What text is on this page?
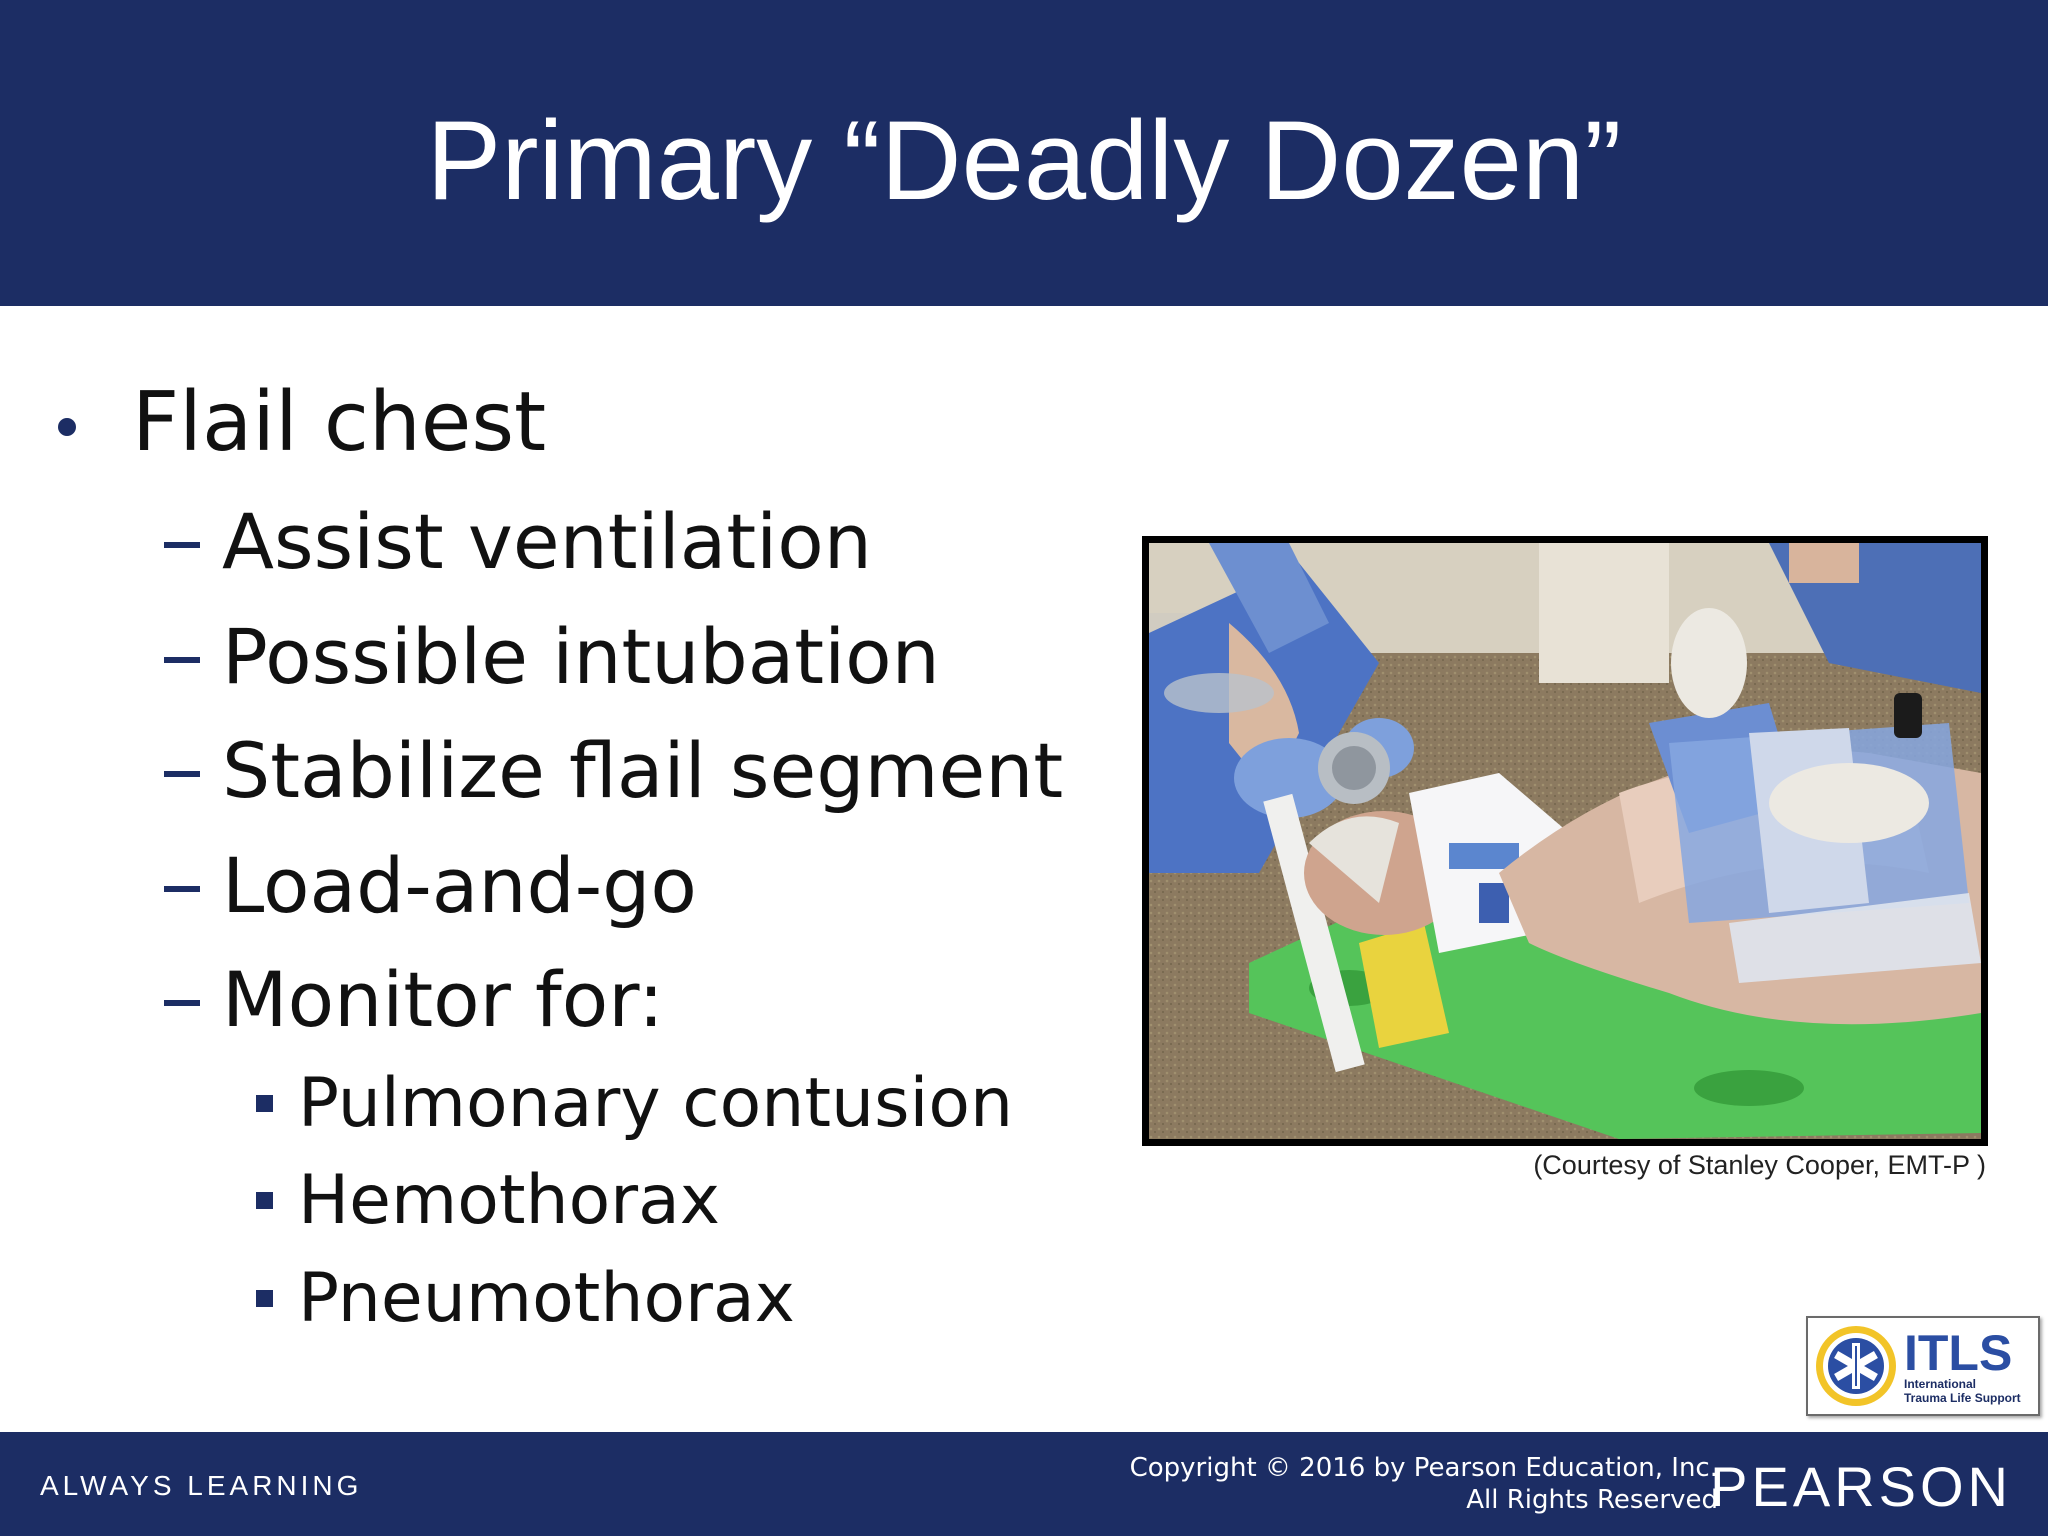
Primary “Deadly Dozen”
Flail chest
Assist ventilation
Possible intubation
Stabilize flail segment
Load-and-go
Monitor for:
Pulmonary contusion
Hemothorax
Pneumothorax
(Courtesy of Stanley Cooper, EMT-P )
ITLS
International
Trauma Life Support
ALWAYS LEARNING
Copyright © 2016 by Pearson Education, Inc.
All Rights Reserved
PEARSON
